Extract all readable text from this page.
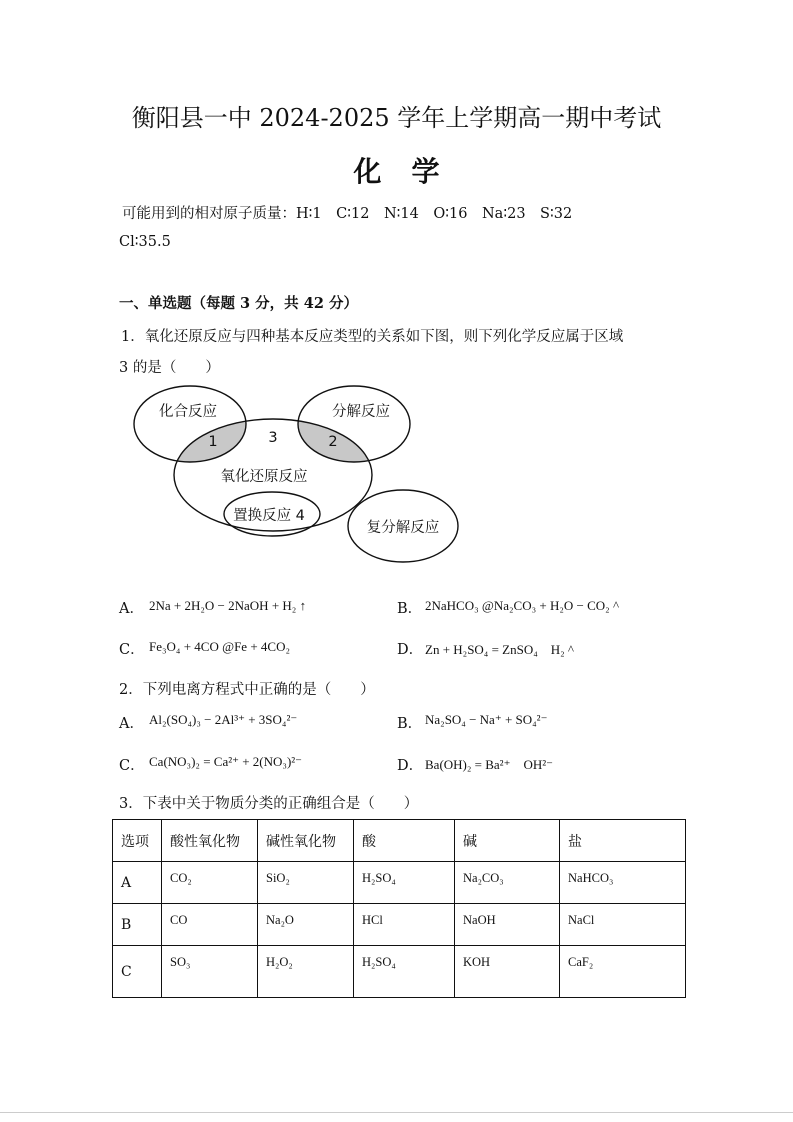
衡阳县一中 2024-2025 学年上学期高一期中考试
化学
可能用到的相对原子质量：H∶1　C∶12　N∶14　O∶16　Na∶23　S∶32
Cl∶35.5
一、单选题（每题 3 分，共 42 分）
1．氧化还原反应与四种基本反应类型的关系如下图，则下列化学反应属于区域
3 的是（　　）
化合反应	分解反应
1	3	2
氧化还原反应
置换反应 4
复分解反应
A． 2Na + 2H₂O − 2NaOH + H₂ ↑	B． 2NaHCO₃ @Na₂CO₃ + H₂O − CO₂ ^
C． Fe₃O₄ + 4CO @Fe + 4CO₂	D． Zn + H₂SO₄ = ZnSO₄　H₂ ^
2．下列电离方程式中正确的是（　　）
A． Al₂(SO₄)₃ − 2Al³⁺ + 3SO₄²⁻	B． Na₂SO₄ − Na⁺ + SO₄²⁻
C． Ca(NO₃)₂ = Ca²⁺ + 2(NO₃)²⁻	D． Ba(OH)₂ = Ba²⁺　OH²⁻
3．下表中关于物质分类的正确组合是（　　）
选项	酸性氧化物	碱性氧化物	酸	碱	盐
A	CO₂	SiO₂	H₂SO₄	Na₂CO₃	NaHCO₃
B	CO	Na₂O	HCl	NaOH	NaCl
C	SO₃	H₂O₂	H₂SO₄	KOH	CaF₂
